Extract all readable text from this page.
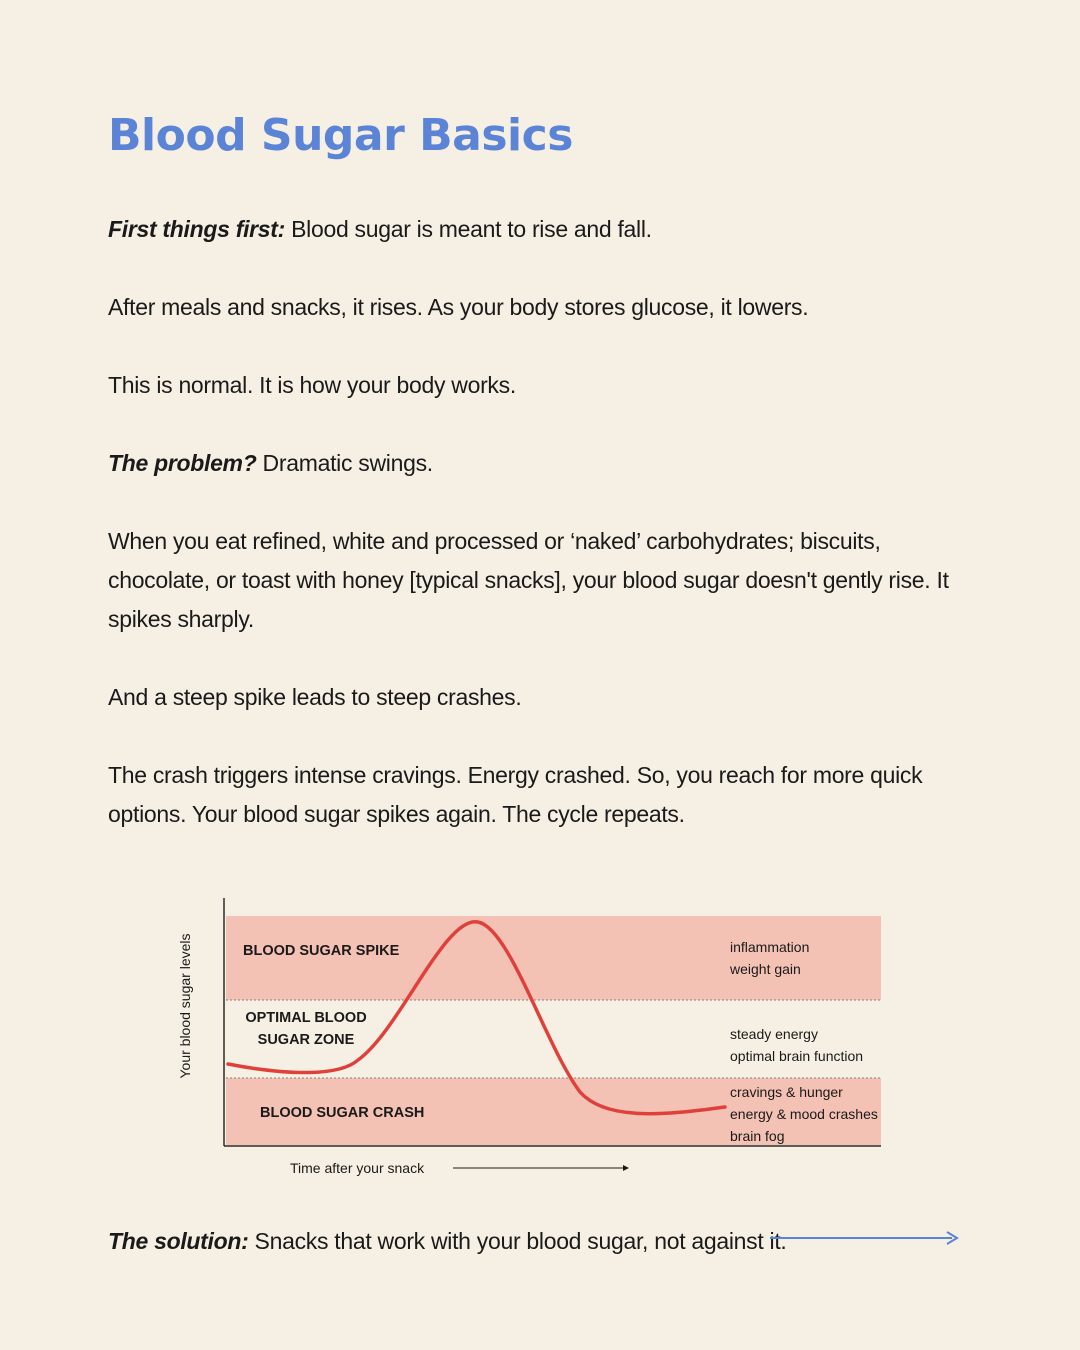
Blood Sugar Basics

First things first: Blood sugar is meant to rise and fall.

After meals and snacks, it rises. As your body stores glucose, it lowers.

This is normal. It is how your body works.

The problem? Dramatic swings.

When you eat refined, white and processed or ‘naked’ carbohydrates; biscuits, chocolate, or toast with honey [typical snacks], your blood sugar doesn't gently rise. It spikes sharply.

And a steep spike leads to steep crashes.

The crash triggers intense cravings. Energy crashed. So, you reach for more quick options. Your blood sugar spikes again. The cycle repeats.

Your blood sugar levels	BLOOD SUGAR SPIKE
OPTIMAL BLOOD
SUGAR ZONE
BLOOD SUGAR CRASH
inflammation
weight gain
steady energy
optimal brain function
cravings & hunger
energy & mood crashes
brain fog
Time after your snack

The solution: Snacks that work with your blood sugar, not against it.
